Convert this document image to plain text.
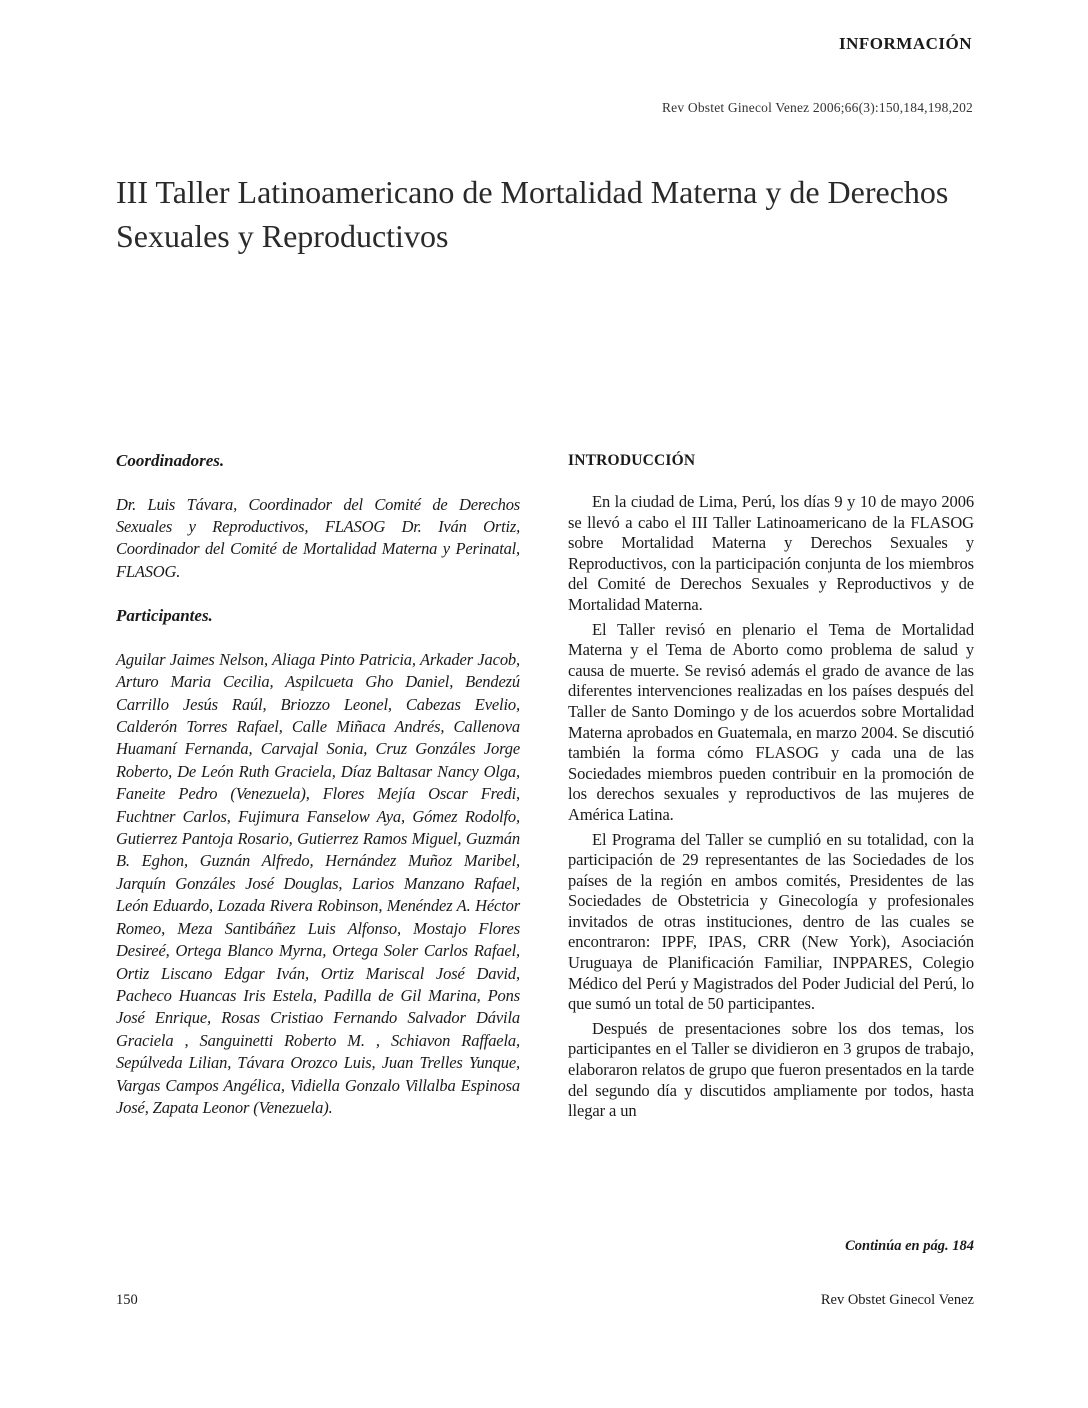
INFORMACIÓN
Rev Obstet Ginecol Venez 2006;66(3):150,184,198,202
III Taller Latinoamericano de Mortalidad Materna y de Derechos Sexuales y Reproductivos

Coordinadores.

Dr. Luis Távara, Coordinador del Comité de Derechos Sexuales y Reproductivos, FLASOG Dr. Iván Ortiz, Coordinador del Comité de Mortalidad Materna y Perinatal, FLASOG.

Participantes.

Aguilar Jaimes Nelson, Aliaga Pinto Patricia, Arkader Jacob, Arturo Maria Cecilia, Aspilcueta Gho Daniel, Bendezú Carrillo Jesús Raúl, Briozzo Leonel, Cabezas Evelio, Calderón Torres Rafael, Calle Miñaca Andrés, Callenova Huamaní Fernanda, Carvajal Sonia, Cruz Gonzáles Jorge Roberto, De León Ruth Graciela, Díaz Baltasar Nancy Olga, Faneite Pedro (Venezuela), Flores Mejía Oscar Fredi, Fuchtner Carlos, Fujimura Fanselow Aya, Gómez Rodolfo, Gutierrez Pantoja Rosario, Gutierrez Ramos Miguel, Guzmán B. Eghon, Guznán Alfredo, Hernández Muñoz Maribel, Jarquín Gonzáles José Douglas, Larios Manzano Rafael, León Eduardo, Lozada Rivera Robinson, Menéndez A. Héctor Romeo, Meza Santibáñez Luis Alfonso, Mostajo Flores Desireé, Ortega Blanco Myrna, Ortega Soler Carlos Rafael, Ortiz Liscano Edgar Iván, Ortiz Mariscal José David, Pacheco Huancas Iris Estela, Padilla de Gil Marina, Pons José Enrique, Rosas Cristiao Fernando Salvador Dávila Graciela , Sanguinetti Roberto M. , Schiavon Raffaela, Sepúlveda Lilian, Távara Orozco Luis, Juan Trelles Yunque, Vargas Campos Angélica, Vidiella Gonzalo Villalba Espinosa José, Zapata Leonor (Venezuela).

INTRODUCCIÓN

En la ciudad de Lima, Perú, los días 9 y 10 de mayo 2006 se llevó a cabo el III Taller Latinoamericano de la FLASOG sobre Mortalidad Materna y Derechos Sexuales y Reproductivos, con la participación conjunta de los miembros del Comité de Derechos Sexuales y Reproductivos y de Mortalidad Materna.

El Taller revisó en plenario el Tema de Mortalidad Materna y el Tema de Aborto como problema de salud y causa de muerte. Se revisó además el grado de avance de las diferentes intervenciones realizadas en los países después del Taller de Santo Domingo y de los acuerdos sobre Mortalidad Materna aprobados en Guatemala, en marzo 2004. Se discutió también la forma cómo FLASOG y cada una de las Sociedades miembros pueden contribuir en la promoción de los derechos sexuales y reproductivos de las mujeres de América Latina.

El Programa del Taller se cumplió en su totalidad, con la participación de 29 representantes de las Sociedades de los países de la región en ambos comités, Presidentes de las Sociedades de Obstetricia y Ginecología y profesionales invitados de otras instituciones, dentro de las cuales se encontraron: IPPF, IPAS, CRR (New York), Asociación Uruguaya de Planificación Familiar, INPPARES, Colegio Médico del Perú y Magistrados del Poder Judicial del Perú, lo que sumó un total de 50 participantes.

Después de presentaciones sobre los dos temas, los participantes en el Taller se dividieron en 3 grupos de trabajo, elaboraron relatos de grupo que fueron presentados en la tarde del segundo día y discutidos ampliamente por todos, hasta llegar a un

Continúa en pág. 184
150	Rev Obstet Ginecol Venez
